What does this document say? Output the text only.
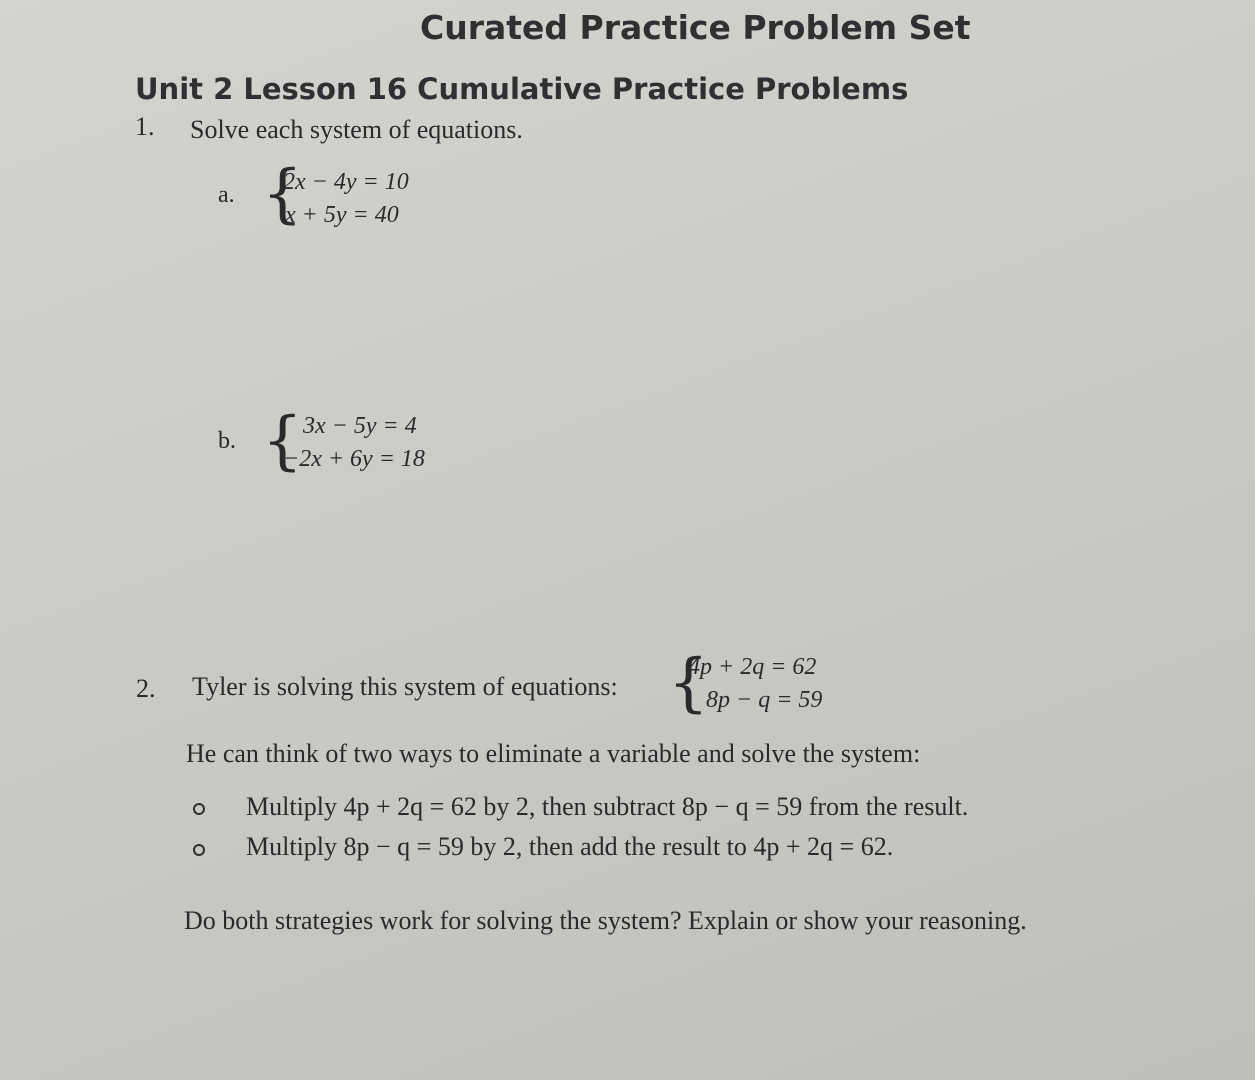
Curated Practice Problem Set
Unit 2 Lesson 16 Cumulative Practice Problems
1. Solve each system of equations.
a. {
2x − 4y = 10
x + 5y = 40
b. { 3x − 5y = 4
−2x + 6y = 18
2. Tyler is solving this system of equations: {
4p + 2q = 62
8p − q = 59
He can think of two ways to eliminate a variable and solve the system:
Multiply 4p + 2q = 62 by 2, then subtract 8p − q = 59 from the result.
Multiply 8p − q = 59 by 2, then add the result to 4p + 2q = 62.
Do both strategies work for solving the system? Explain or show your reasoning.
